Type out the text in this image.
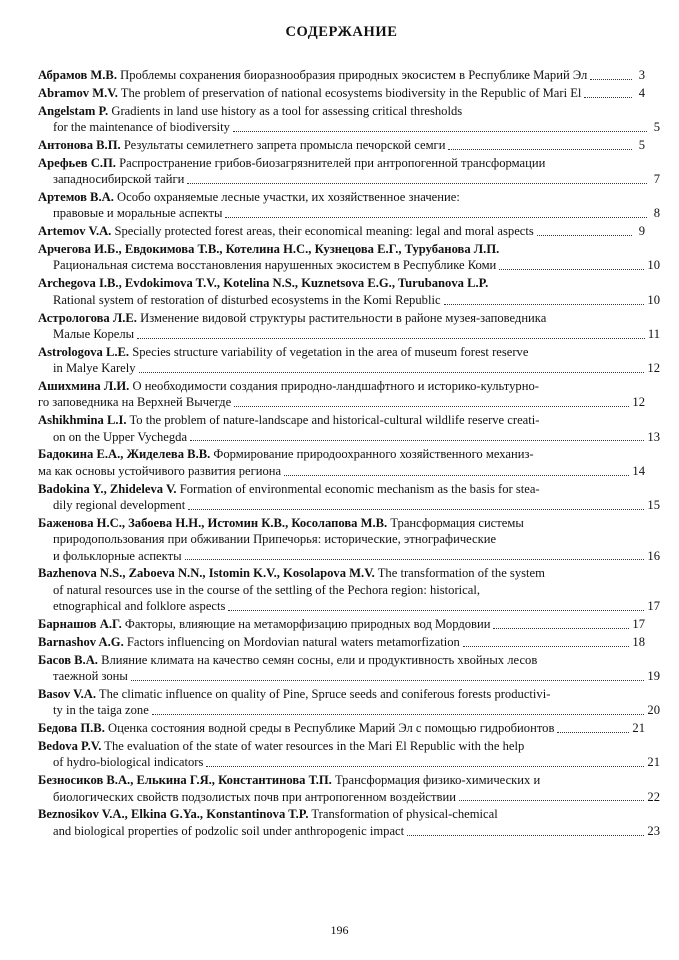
СОДЕРЖАНИЕ
Абрамов М.В. Проблемы сохранения биоразнообразия природных экосистем в Республике Марий Эл	3
Abramov M.V. The problem of preservation of national ecosystems biodiversity in the Republic of Mari El	4
Angelstam P. Gradients in land use history as a tool for assessing critical thresholds
for the maintenance of biodiversity	5
Антонова В.П. Результаты семилетнего запрета промысла печорской семги	5
Арефьев С.П. Распространение грибов-биозагрязнителей при антропогенной трансформации
западносибирской тайги	7
Артемов В.А. Особо охраняемые лесные участки, их хозяйственное значение:
правовые и моральные аспекты	8
Artemov V.A. Specially protected forest areas, their economical meaning: legal and moral aspects	9
Арчегова И.Б., Евдокимова Т.В., Котелина Н.С., Кузнецова Е.Г., Турубанова Л.П.
Рациональная система восстановления нарушенных экосистем в Республике Коми	10
Archegova I.B., Evdokimova T.V., Kotelina N.S., Kuznetsova E.G., Turubanova L.P.
Rational system of restoration of disturbed ecosystems in the Komi Republic	10
Астрологова Л.Е. Изменение видовой структуры растительности в районе музея-заповедника
Малые Корелы	11
Astrologova L.E. Species structure variability of vegetation in the area of museum forest reserve
in Malye Karely	12
Ашихмина Л.И. О необходимости создания природно-ландшафтного и историко-культурно-
го заповедника на Верхней Вычегде	12
Ashikhmina L.I. To the problem of nature-landscape and historical-cultural wildlife reserve creati-
on on the Upper Vychegda	13
Бадокина Е.А., Жиделева В.В. Формирование природоохранного хозяйственного механиз-
ма как основы устойчивого развития региона	14
Badokina Y., Zhideleva V. Formation of environmental economic mechanism as the basis for stea-
dily regional development	15
Баженова Н.С., Забоева Н.Н., Истомин К.В., Косолапова М.В. Трансформация системы
природопользования при обживании Припечорья: исторические, этнографические
и фольклорные аспекты	16
Bazhenova N.S., Zaboeva N.N., Istomin K.V., Kosolapova M.V. The transformation of the system
of natural resources use in the course of the settling of the Pechora region: historical,
etnographical and folklore aspects	17
Барнашов А.Г. Факторы, влияющие на метаморфизацию природных вод Мордовии	17
Barnashov A.G. Factors influencing on Mordovian natural waters metamorfization	18
Басов В.А. Влияние климата на качество семян сосны, ели и продуктивность хвойных лесов
таежной зоны	19
Basov V.A. The climatic influence on quality of Pine, Spruce seeds and coniferous forests productivi-
ty in the taiga zone	20
Бедова П.В. Оценка состояния водной среды в Республике Марий Эл с помощью гидробионтов	21
Bedova P.V. The evaluation of the state of water resources in the Mari El Republic with the help
of hydro-biological indicators	21
Безносиков В.А., Елькина Г.Я., Константинова Т.П. Трансформация физико-химических и
биологических свойств подзолистых почв при антропогенном воздействии	22
Beznosikov V.A., Elkina G.Ya., Konstantinova T.P. Transformation of physical-chemical
and biological properties of podzolic soil under anthropogenic impact	23
196
